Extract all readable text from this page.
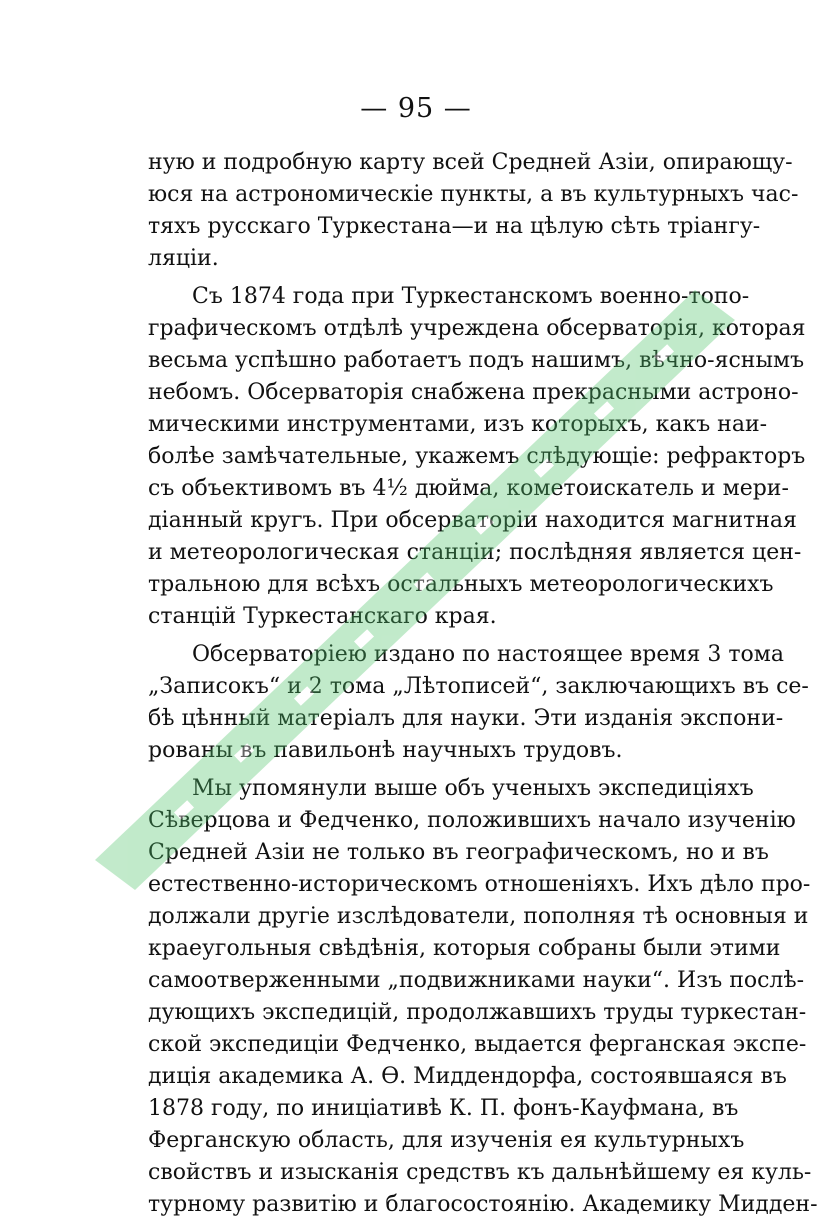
— 95 —
ную и подробную карту всей Средней Азіи, опирающу-
юся на астрономическіе пункты, а въ культурныхъ час-
тяхъ русскаго Туркестана—и на цѣлую сѣть тріангу-
ляціи.
Съ 1874 года при Туркестанскомъ военно-топо-
графическомъ отдѣлѣ учреждена обсерваторія, которая
весьма успѣшно работаетъ подъ нашимъ, вѣчно-яснымъ
небомъ. Обсерваторія снабжена прекрасными астроно-
мическими инструментами, изъ которыхъ, какъ наи-
болѣе замѣчательные, укажемъ слѣдующіе: рефракторъ
съ объективомъ въ 4½ дюйма, кометоискатель и мери-
діанный кругъ. При обсерваторіи находится магнитная
и метеорологическая станціи; послѣдняя является цен-
тральною для всѣхъ остальныхъ метеорологическихъ
станцій Туркестанскаго края.
Обсерваторіею издано по настоящее время 3 тома
„Записокъ“ и 2 тома „Лѣтописей“, заключающихъ въ се-
бѣ цѣнный матеріалъ для науки. Эти изданія экспони-
рованы въ павильонѣ научныхъ трудовъ.
Мы упомянули выше объ ученыхъ экспедиціяхъ
Сѣверцова и Федченко, положившихъ начало изученію
Средней Азіи не только въ географическомъ, но и въ
естественно-историческомъ отношеніяхъ. Ихъ дѣло про-
должали другіе изслѣдователи, пополняя тѣ основныя и
краеугольныя свѣдѣнія, которыя собраны были этими
самоотверженными „подвижниками науки“. Изъ послѣ-
дующихъ экспедицій, продолжавшихъ труды туркестан-
ской экспедиціи Федченко, выдается ферганская экспе-
диція академика А. Ѳ. Миддендорфа, состоявшаяся въ
1878 году, по иниціативѣ К. П. фонъ-Кауфмана, въ
Ферганскую область, для изученія ея культурныхъ
свойствъ и изысканія средствъ къ дальнѣйшему ея куль-
турному развитію и благосостоянію. Академику Мидден-
